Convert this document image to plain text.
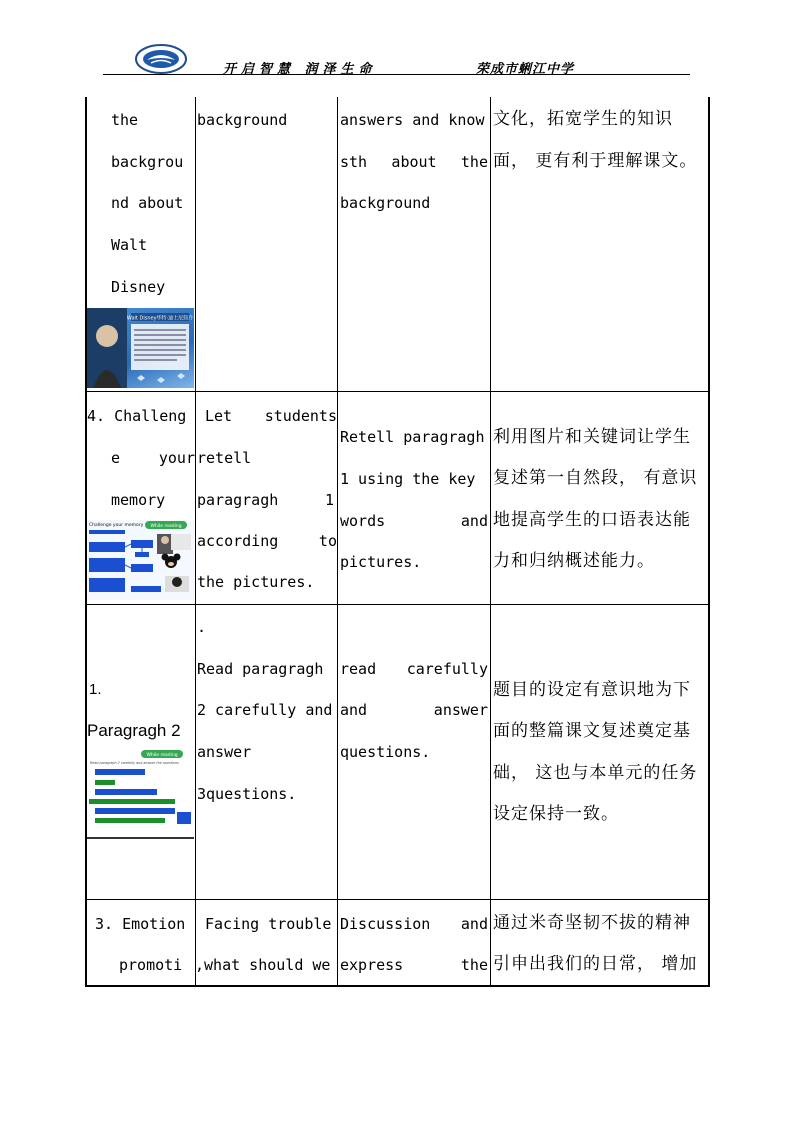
开启智慧 润泽生命	荣成市蜊江中学
the
backgrou
nd about
Walt
Disney
Walt Disney华特·迪士尼简介
background	answers and know
sth about the
background
文化，拓宽学生的知识
面， 更有利于理解课文。
4. Challeng
e your
memory
Challenge your memory While reading
Let students
retell
paragragh 1
according to
the pictures.
Retell paragragh
1 using the key
words and
pictures.
利用图片和关键词让学生
复述第一自然段， 有意识
地提高学生的口语表达能
力和归纳概述能力。
1.
Paragragh 2
While reading
Read paragraph 2 carefully and answer the questions
.
Read paragragh
2 carefully and
answer
3questions.
read carefully
and answer
questions.
题目的设定有意识地为下
面的整篇课文复述奠定基
础， 这也与本单元的任务
设定保持一致。
3. Emotion
promoti
Facing trouble
,what should we
Discussion and
express the
通过米奇坚韧不拔的精神
引申出我们的日常， 增加
